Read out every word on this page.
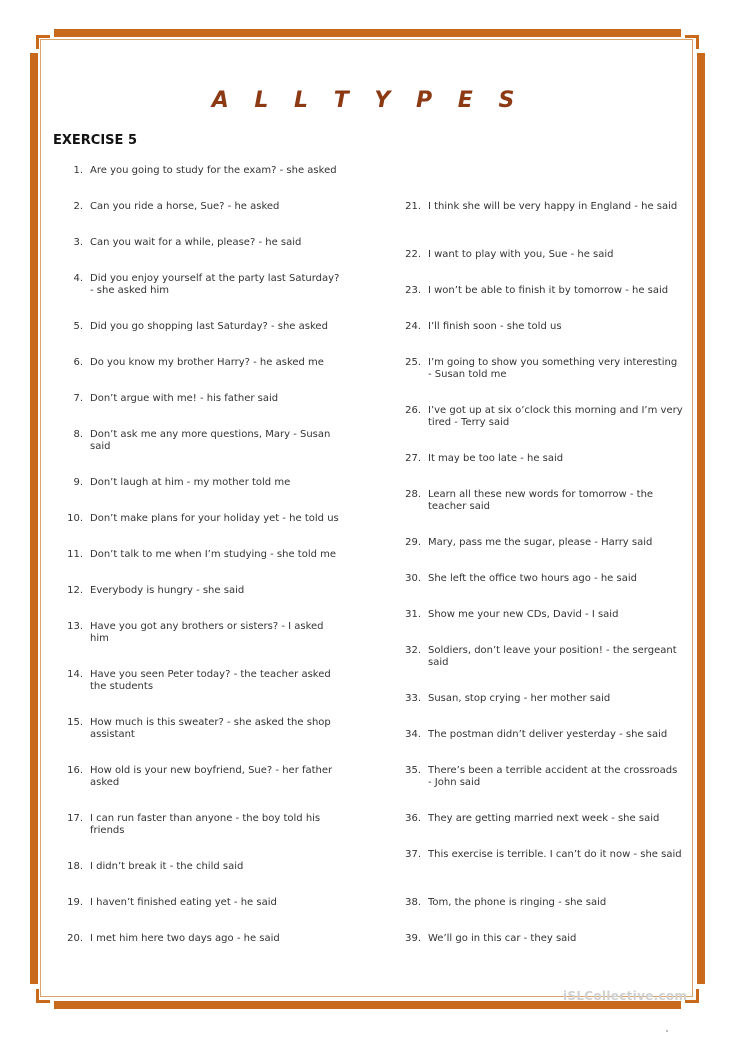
A L L T Y P E S
EXERCISE 5
1. Are you going to study for the exam? - she asked
2. Can you ride a horse, Sue? - he asked
3. Can you wait for a while, please? - he said
4. Did you enjoy yourself at the party last Saturday? - she asked him
5. Did you go shopping last Saturday? - she asked
6. Do you know my brother Harry? - he asked me
7. Don’t argue with me! - his father said
8. Don’t ask me any more questions, Mary - Susan said
9. Don’t laugh at him - my mother told me
10. Don’t make plans for your holiday yet - he told us
11. Don’t talk to me when I’m studying - she told me
12. Everybody is hungry - she said
13. Have you got any brothers or sisters? - I asked him
14. Have you seen Peter today? - the teacher asked the students
15. How much is this sweater? - she asked the shop assistant
16. How old is your new boyfriend, Sue? - her father asked
17. I can run faster than anyone - the boy told his friends
18. I didn’t break it - the child said
19. I haven’t finished eating yet - he said
20. I met him here two days ago - he said
21. I think she will be very happy in England - he said
22. I want to play with you, Sue - he said
23. I won’t be able to finish it by tomorrow - he said
24. I’ll finish soon - she told us
25. I’m going to show you something very interesting - Susan told me
26. I’ve got up at six o’clock this morning and I’m very tired - Terry said
27. It may be too late - he said
28. Learn all these new words for tomorrow - the teacher said
29. Mary, pass me the sugar, please - Harry said
30. She left the office two hours ago - he said
31. Show me your new CDs, David - I said
32. Soldiers, don’t leave your position! - the sergeant said
33. Susan, stop crying - her mother said
34. The postman didn’t deliver yesterday - she said
35. There’s been a terrible accident at the crossroads - John said
36. They are getting married next week - she said
37. This exercise is terrible. I can’t do it now - she said
38. Tom, the phone is ringing - she said
39. We’ll go in this car - they said
iSLCollective.com
